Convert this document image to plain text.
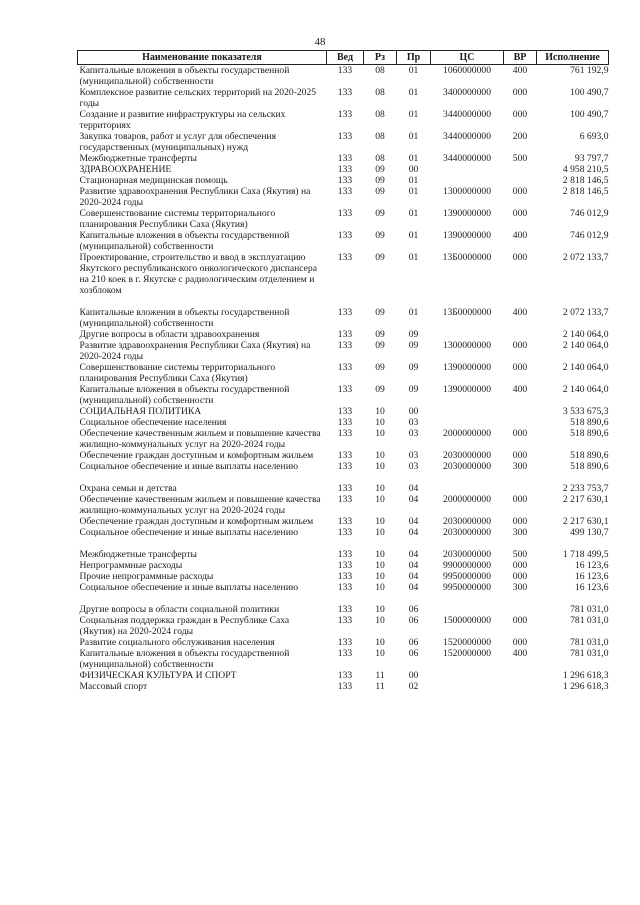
48
Наименование показателя	Вед	Рз	Пр	ЦС	ВР	Исполнение
Капитальные вложения в объекты государственной (муниципальной) собственности	133	08	01	1060000000	400	761 192,9
Комплексное развитие сельских территорий на 2020-2025 годы	133	08	01	3400000000	000	100 490,7
Создание и развитие инфраструктуры на сельских территориях	133	08	01	3440000000	000	100 490,7
Закупка товаров, работ и услуг для обеспечения государственных (муниципальных) нужд	133	08	01	3440000000	200	6 693,0
Межбюджетные трансферты	133	08	01	3440000000	500	93 797,7
ЗДРАВООХРАНЕНИЕ	133	09	00			4 958 210,5
Стационарная медицинская помощь	133	09	01			2 818 146,5
Развитие здравоохранения Республики Саха (Якутия) на 2020-2024 годы	133	09	01	1300000000	000	2 818 146,5
Совершенствование системы территориального планирования Республики Саха (Якутия)	133	09	01	1390000000	000	746 012,9
Капитальные вложения в объекты государственной (муниципальной) собственности	133	09	01	1390000000	400	746 012,9
Проектирование, строительство и ввод в эксплуатацию Якутского республиканского онкологического диспансера на 210 коек в г. Якутске с радиологическим отделением и хозблоком	133	09	01	13Б0000000	000	2 072 133,7

Капитальные вложения в объекты государственной (муниципальной) собственности	133	09	01	13Б0000000	400	2 072 133,7
Другие вопросы в области здравоохранения	133	09	09			2 140 064,0
Развитие здравоохранения Республики Саха (Якутия) на 2020-2024 годы	133	09	09	1300000000	000	2 140 064,0
Совершенствование системы территориального планирования Республики Саха (Якутия)	133	09	09	1390000000	000	2 140 064,0
Капитальные вложения в объекты государственной (муниципальной) собственности	133	09	09	1390000000	400	2 140 064,0
СОЦИАЛЬНАЯ ПОЛИТИКА	133	10	00			3 533 675,3
Социальное обеспечение населения	133	10	03			518 890,6
Обеспечение качественным жильем и повышение качества жилищно-коммунальных услуг на 2020-2024 годы	133	10	03	2000000000	000	518 890,6
Обеспечение граждан доступным и комфортным жильем	133	10	03	2030000000	000	518 890,6
Социальное обеспечение и иные выплаты населению	133	10	03	2030000000	300	518 890,6

Охрана семьи и детства	133	10	04			2 233 753,7
Обеспечение качественным жильем и повышение качества жилищно-коммунальных услуг на 2020-2024 годы	133	10	04	2000000000	000	2 217 630,1
Обеспечение граждан доступным и комфортным жильем	133	10	04	2030000000	000	2 217 630,1
Социальное обеспечение и иные выплаты населению	133	10	04	2030000000	300	499 130,7

Межбюджетные трансферты	133	10	04	2030000000	500	1 718 499,5
Непрограммные расходы	133	10	04	9900000000	000	16 123,6
Прочие непрограммные расходы	133	10	04	9950000000	000	16 123,6
Социальное обеспечение и иные выплаты населению	133	10	04	9950000000	300	16 123,6

Другие вопросы в области социальной политики	133	10	06			781 031,0
Социальная поддержка граждан в Республике Саха (Якутия) на 2020-2024 годы	133	10	06	1500000000	000	781 031,0
Развитие социального обслуживания населения	133	10	06	1520000000	000	781 031,0
Капитальные вложения в объекты государственной (муниципальной) собственности	133	10	06	1520000000	400	781 031,0
ФИЗИЧЕСКАЯ КУЛЬТУРА И СПОРТ	133	11	00			1 296 618,3
Массовый спорт	133	11	02			1 296 618,3
